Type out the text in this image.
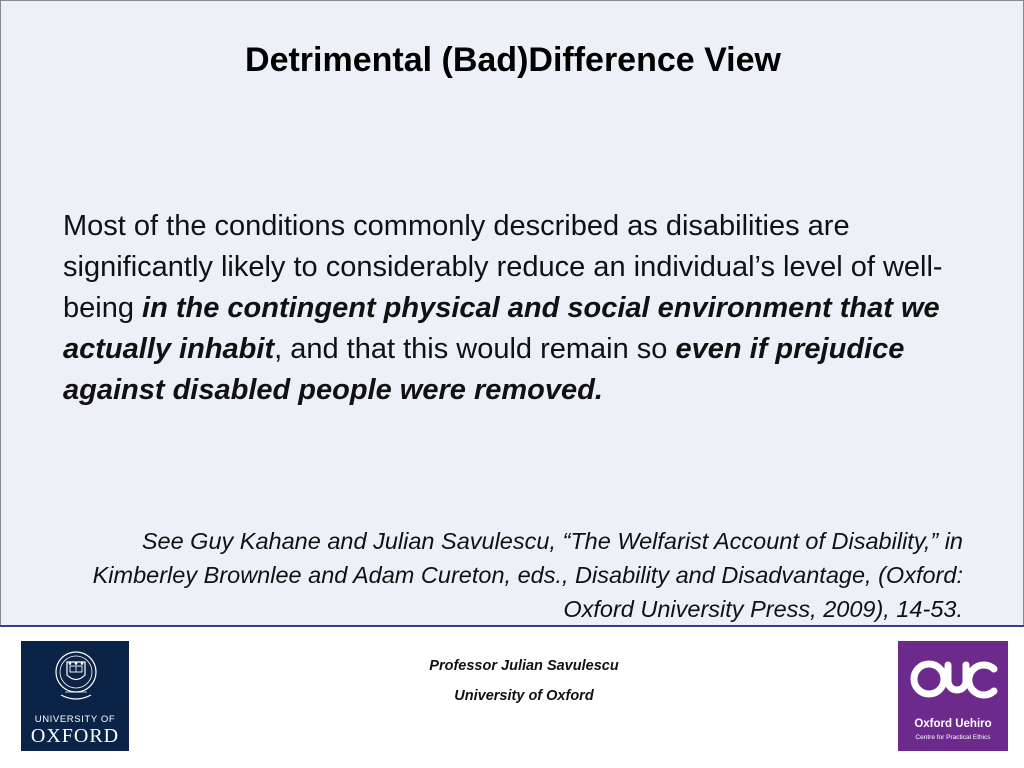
Detrimental (Bad)Difference View

Most of the conditions commonly described as disabilities are significantly likely to considerably reduce an individual’s level of well-being in the contingent physical and social environment that we actually inhabit, and that this would remain so even if prejudice against disabled people were removed.

See Guy Kahane and Julian Savulescu, “The Welfarist Account of Disability,” in Kimberley Brownlee and Adam Cureton, eds., Disability and Disadvantage, (Oxford: Oxford University Press, 2009), 14-53.

UNIVERSITY OF
OXFORD
Professor Julian Savulescu
University of Oxford
Oxford Uehiro
Centre for Practical Ethics
